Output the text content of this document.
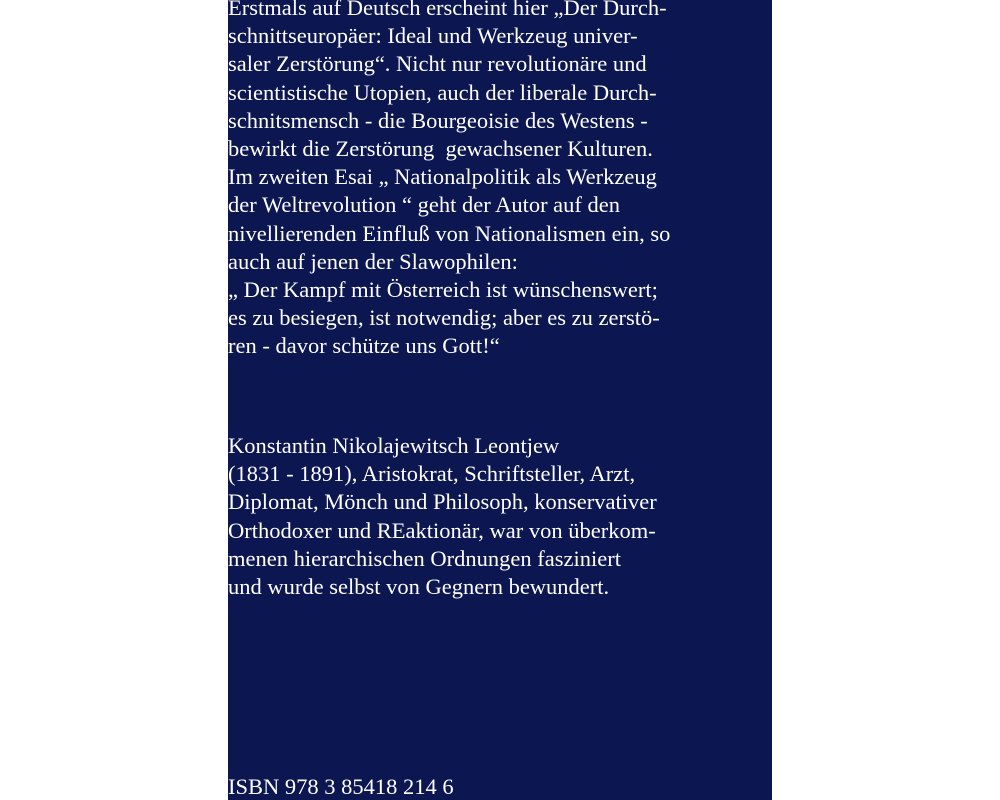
Erstmals auf Deutsch erscheint hier „Der Durch-
schnittseuropäer: Ideal und Werkzeug univer-
saler Zerstörung“. Nicht nur revolutionäre und
scientistische Utopien, auch der liberale Durch-
schnitsmensch - die Bourgeoisie des Westens -
bewirkt die Zerstörung  gewachsener Kulturen.
Im zweiten Esai „ Nationalpolitik als Werkzeug
der Weltrevolution “ geht der Autor auf den
nivellierenden Einfluß von Nationalismen ein, so
auch auf jenen der Slawophilen:
„ Der Kampf mit Österreich ist wünschenswert;
es zu besiegen, ist notwendig; aber es zu zerstö-
ren - davor schütze uns Gott!“
Konstantin Nikolajewitsch Leontjew
(1831 - 1891), Aristokrat, Schriftsteller, Arzt,
Diplomat, Mönch und Philosoph, konservativer
Orthodoxer und REaktionär, war von überkom-
menen hierarchischen Ordnungen fasziniert
und wurde selbst von Gegnern bewundert.
ISBN 978 3 85418 214 6
